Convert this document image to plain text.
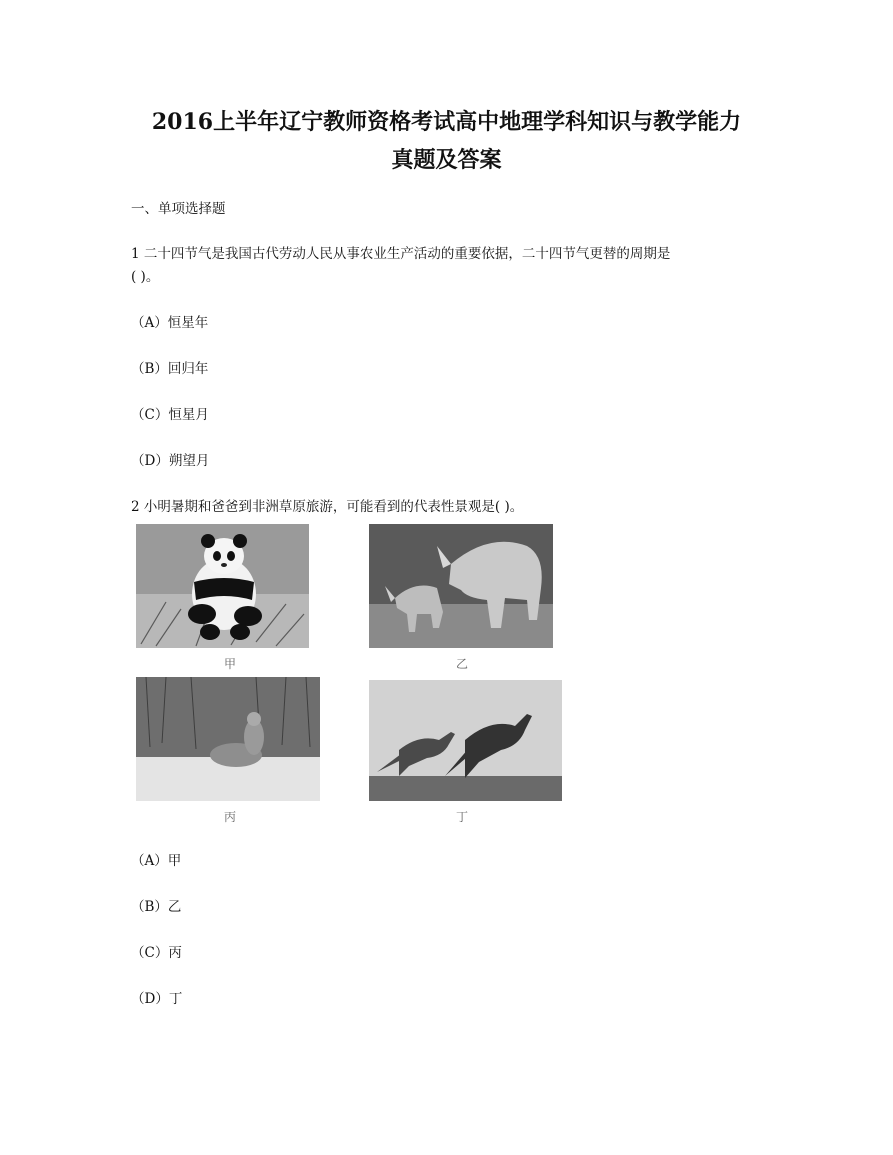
2016上半年辽宁教师资格考试高中地理学科知识与教学能力
真题及答案
一、单项选择题
1 二十四节气是我国古代劳动人民从事农业生产活动的重要依据，二十四节气更替的周期是
( )。
（A）恒星年
（B）回归年
（C）恒星月
（D）朔望月
2 小明暑期和爸爸到非洲草原旅游，可能看到的代表性景观是( )。
甲	乙
丙	丁
（A）甲
（B）乙
（C）丙
（D）丁
